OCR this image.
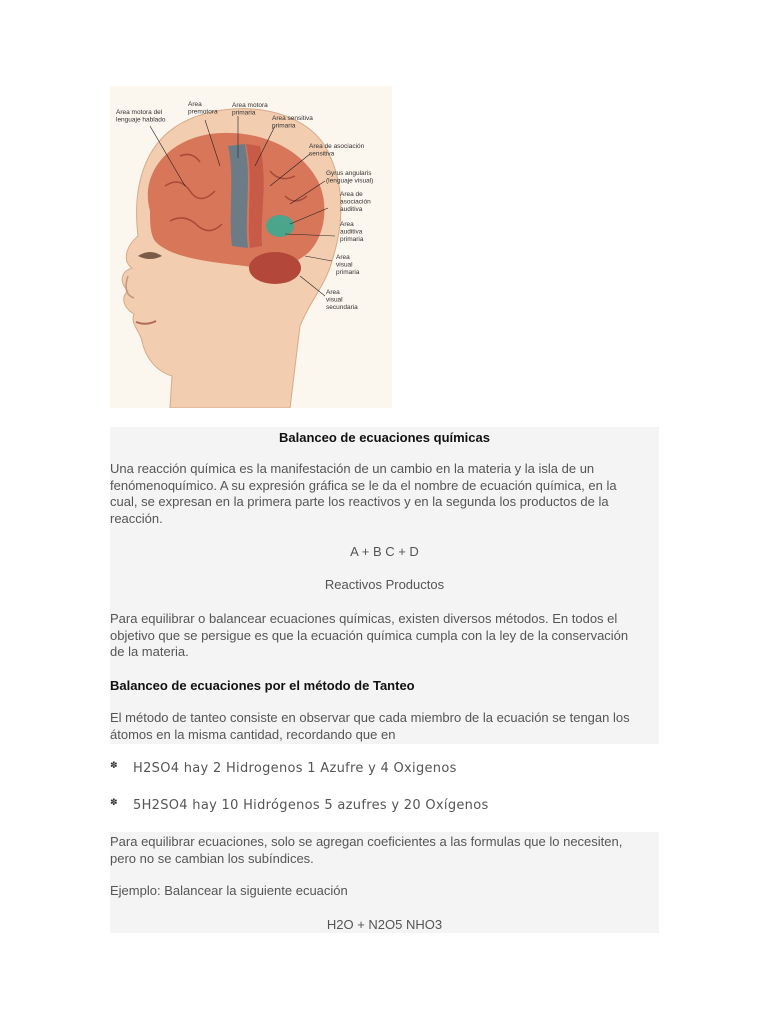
Area motora del lenguaje hablado
Area premotora
Area motora primaria
Area sensitiva primaria
Area de asociación sensitiva
Gyrus angularis (lenguaje visual)
Area de asociación auditiva
Area auditiva primaria
Area visual primaria
Area visual secundaria
Balanceo de ecuaciones químicas
Una reacción química es la manifestación de un cambio en la materia y la isla de un
fenómenoquímico. A su expresión gráfica se le da el nombre de ecuación química, en la
cual, se expresan en la primera parte los reactivos y en la segunda los productos de la
reacción.
A + B C + D
Reactivos Productos
Para equilibrar o balancear ecuaciones químicas, existen diversos métodos. En todos el
objetivo que se persigue es que la ecuación química cumpla con la ley de la conservación
de la materia.
Balanceo de ecuaciones por el método de Tanteo
El método de tanteo consiste en observar que cada miembro de la ecuación se tengan los
átomos en la misma cantidad, recordando que en
✽ H2SO4 hay 2 Hidrogenos 1 Azufre y 4 Oxigenos
✽ 5H2SO4 hay 10 Hidrógenos 5 azufres y 20 Oxígenos
Para equilibrar ecuaciones, solo se agregan coeficientes a las formulas que lo necesiten,
pero no se cambian los subíndices.
Ejemplo: Balancear la siguiente ecuación
H2O + N2O5 NHO3
